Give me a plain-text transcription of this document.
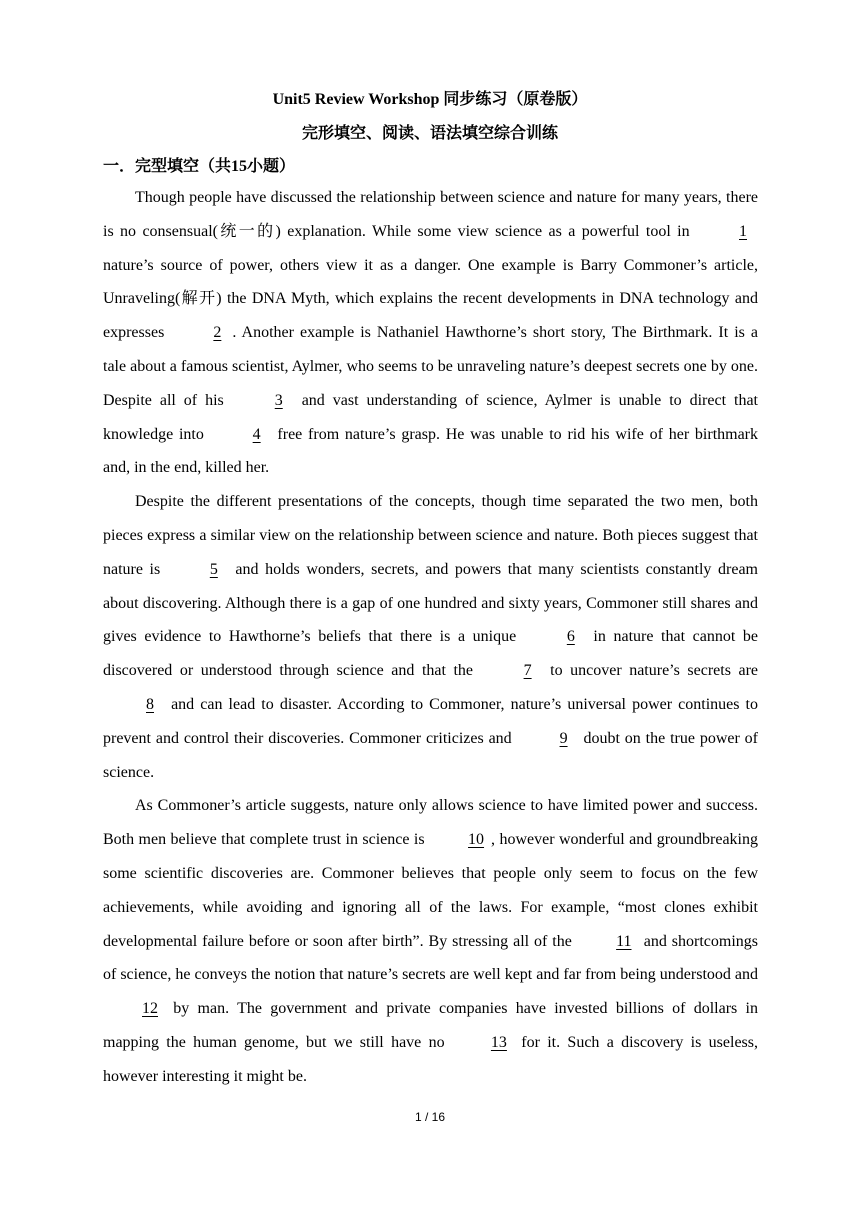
Unit5 Review Workshop 同步练习（原卷版）
完形填空、阅读、语法填空综合训练
一．完型填空（共15小题）

Though people have discussed the relationship between science and nature for many years, there is no consensual(统一的) explanation. While some view science as a powerful tool in	1 nature’s source of power, others view it as a danger. One example is Barry Commoner’s article, Unraveling(解开) the DNA Myth, which explains the recent developments in DNA technology and expresses	2 . Another example is Nathaniel Hawthorne’s short story, The Birthmark. It is a tale about a famous scientist, Aylmer, who seems to be unraveling nature’s deepest secrets one by one. Despite all of his	3 and vast understanding of science, Aylmer is unable to direct that knowledge into	4 free from nature’s grasp. He was unable to rid his wife of her birthmark and, in the end, killed her.

Despite the different presentations of the concepts, though time separated the two men, both pieces express a similar view on the relationship between science and nature. Both pieces suggest that nature is	5 and holds wonders, secrets, and powers that many scientists constantly dream about discovering. Although there is a gap of one hundred and sixty years, Commoner still shares and gives evidence to Hawthorne’s beliefs that there is a unique	6 in nature that cannot be discovered or understood through science and that the	7 to uncover nature’s secrets are 8 and can lead to disaster. According to Commoner, nature’s universal power continues to prevent and control their discoveries. Commoner criticizes and	9 doubt on the true power of science.

As Commoner’s article suggests, nature only allows science to have limited power and success. Both men believe that complete trust in science is 10 , however wonderful and groundbreaking some scientific discoveries are. Commoner believes that people only seem to focus on the few achievements, while avoiding and ignoring all of the laws. For example, “most clones exhibit developmental failure before or soon after birth”. By stressing all of the 11 and shortcomings of science, he conveys the notion that nature’s secrets are well kept and far from being understood and 12 by man. The government and private companies have invested billions of dollars in mapping the human genome, but we still have no 13 for it. Such a discovery is useless, however interesting it might be.

1 / 16
